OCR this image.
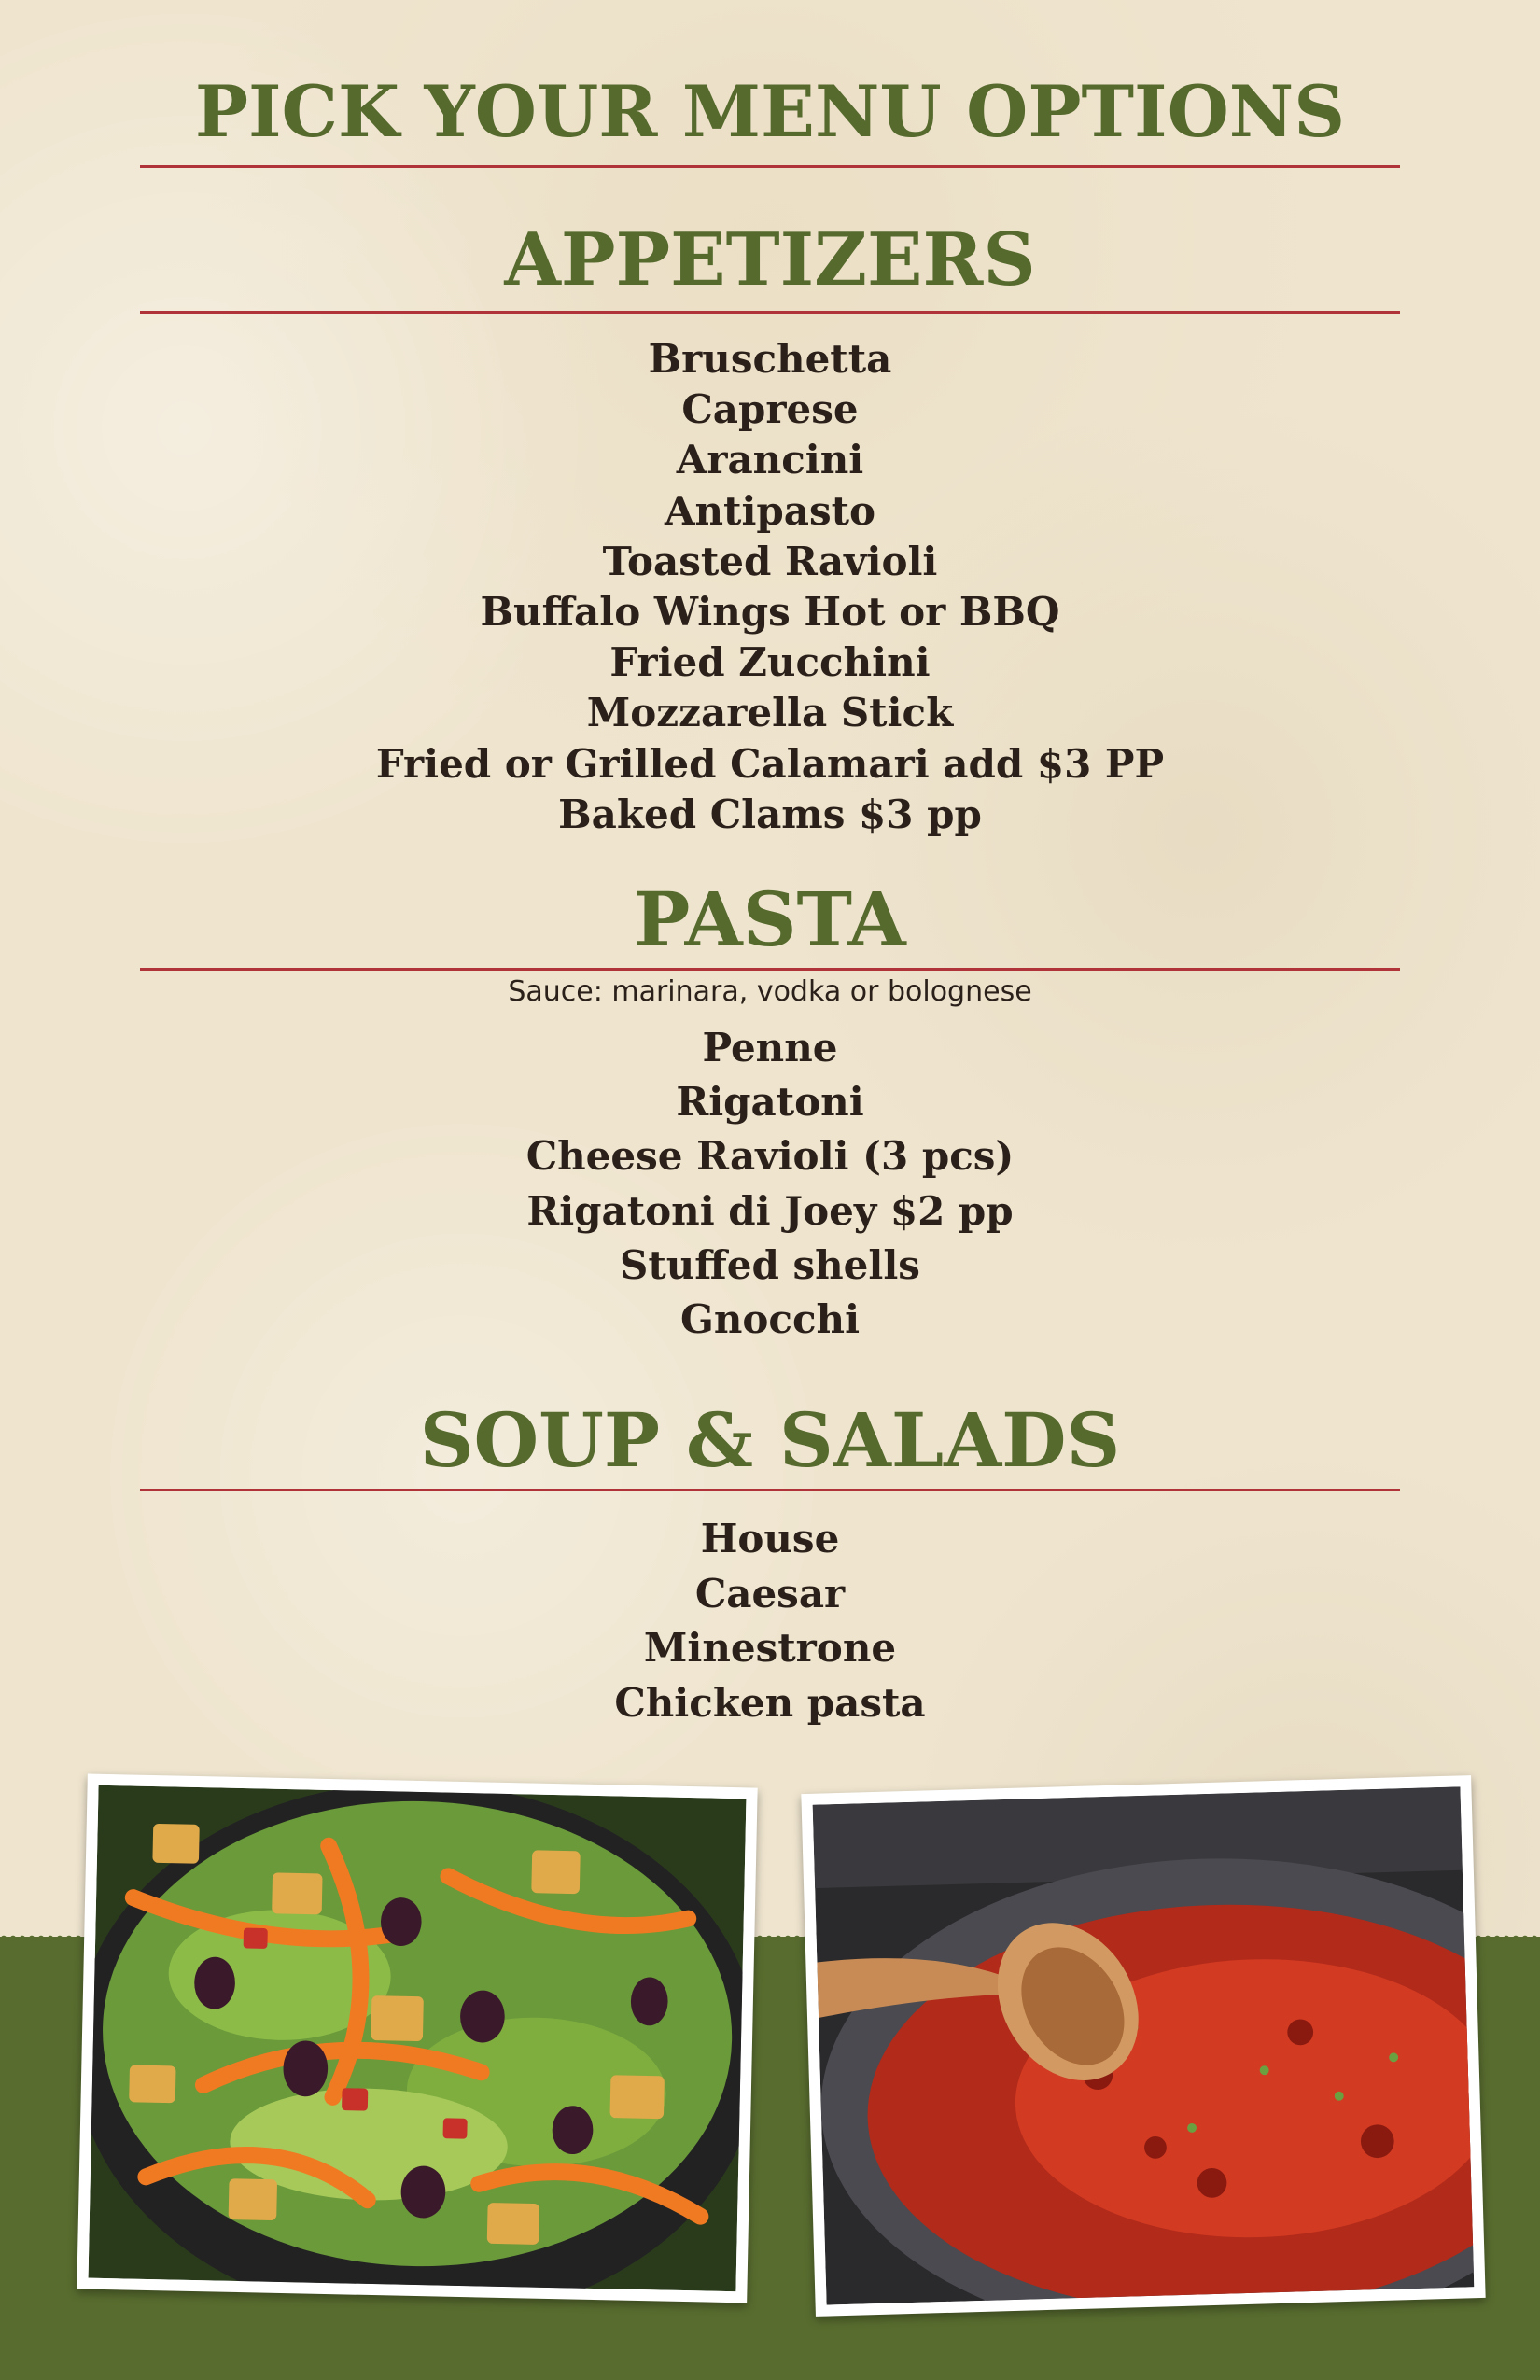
PICK YOUR MENU OPTIONS
APPETIZERS
Bruschetta
Caprese
Arancini
Antipasto
Toasted Ravioli
Buffalo Wings Hot or BBQ
Fried Zucchini
Mozzarella Stick
Fried or Grilled Calamari add $3 PP
Baked Clams $3 pp
PASTA

Sauce: marinara, vodka or bolognese

Penne
Rigatoni
Cheese Ravioli (3 pcs)
Rigatoni di Joey $2 pp
Stuffed shells
Gnocchi
SOUP & SALADS
House
Caesar
Minestrone
Chicken pasta
